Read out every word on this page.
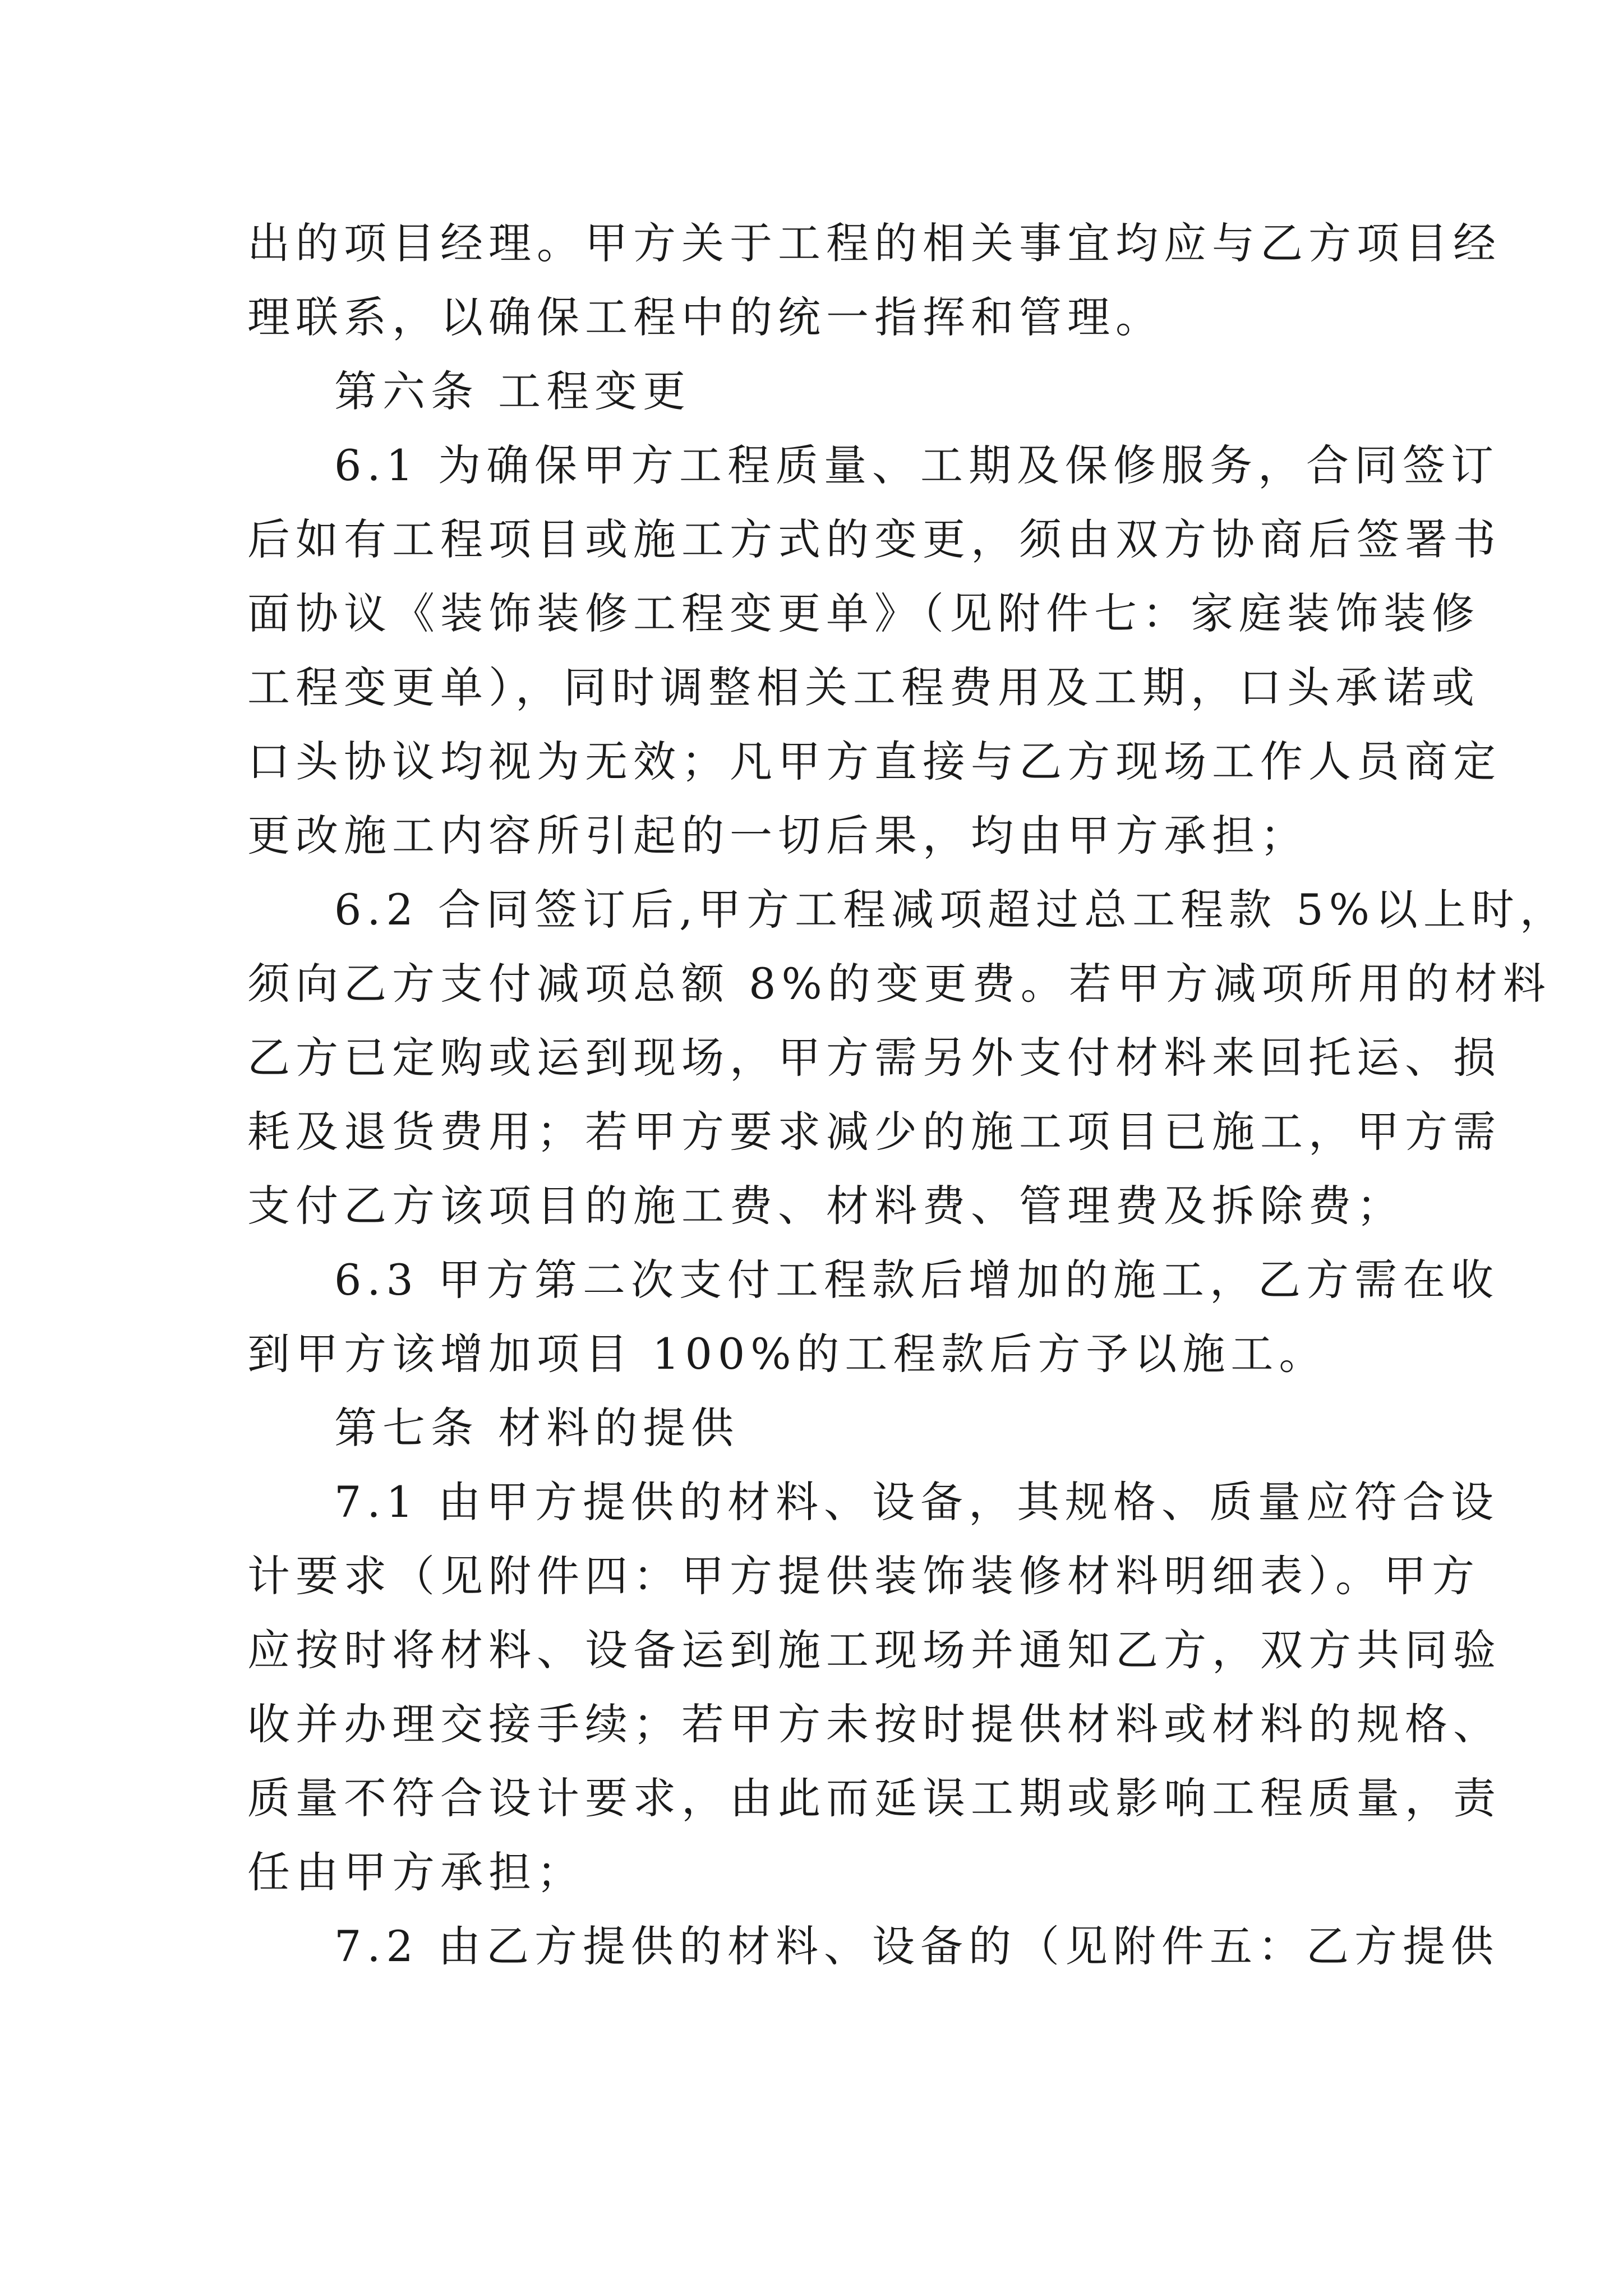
出的项目经理。甲方关于工程的相关事宜均应与乙方项目经
理联系，以确保工程中的统一指挥和管理。
第六条 工程变更
6.1 为确保甲方工程质量、工期及保修服务，合同签订
后如有工程项目或施工方式的变更，须由双方协商后签署书
面协议《装饰装修工程变更单》（见附件七：家庭装饰装修
工程变更单），同时调整相关工程费用及工期，口头承诺或
口头协议均视为无效；凡甲方直接与乙方现场工作人员商定
更改施工内容所引起的一切后果，均由甲方承担；
6.2 合同签订后,甲方工程减项超过总工程款 5%以上时，
须向乙方支付减项总额 8%的变更费。若甲方减项所用的材料
乙方已定购或运到现场，甲方需另外支付材料来回托运、损
耗及退货费用；若甲方要求减少的施工项目已施工，甲方需
支付乙方该项目的施工费、材料费、管理费及拆除费；
6.3 甲方第二次支付工程款后增加的施工，乙方需在收
到甲方该增加项目 100%的工程款后方予以施工。
第七条 材料的提供
7.1 由甲方提供的材料、设备，其规格、质量应符合设
计要求（见附件四：甲方提供装饰装修材料明细表）。甲方
应按时将材料、设备运到施工现场并通知乙方，双方共同验
收并办理交接手续；若甲方未按时提供材料或材料的规格、
质量不符合设计要求，由此而延误工期或影响工程质量，责
任由甲方承担；
7.2 由乙方提供的材料、设备的（见附件五：乙方提供
